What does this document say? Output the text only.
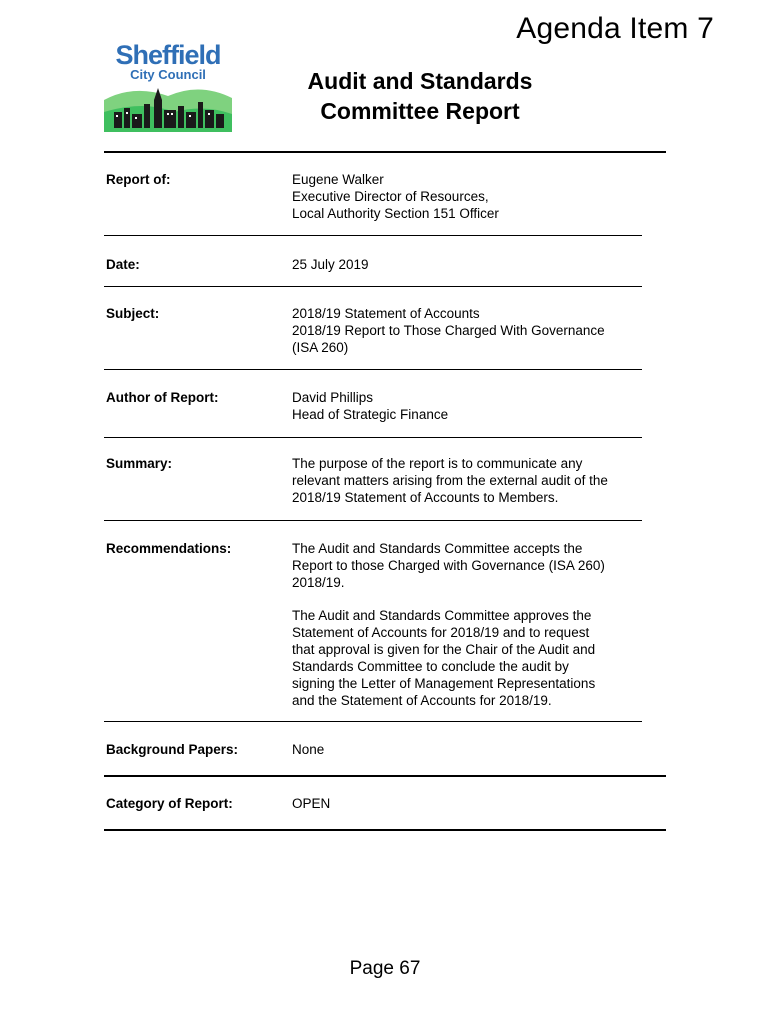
Agenda Item 7
Sheffield
City Council	Audit and Standards
Committee Report
Report of:	Eugene Walker
Executive Director of Resources,
Local Authority Section 151 Officer
Date:	25 July 2019
Subject:	2018/19 Statement of Accounts
2018/19 Report to Those Charged With Governance
(ISA 260)
Author of Report:	David Phillips
Head of Strategic Finance
Summary:	The purpose of the report is to communicate any
relevant matters arising from the external audit of the
2018/19 Statement of Accounts to Members.
Recommendations:	The Audit and Standards Committee accepts the
Report to those Charged with Governance (ISA 260)
2018/19.
The Audit and Standards Committee approves the
Statement of Accounts for 2018/19 and to request
that approval is given for the Chair of the Audit and
Standards Committee to conclude the audit by
signing the Letter of Management Representations
and the Statement of Accounts for 2018/19.
Background Papers:	None
Category of Report:	OPEN
Page 67
